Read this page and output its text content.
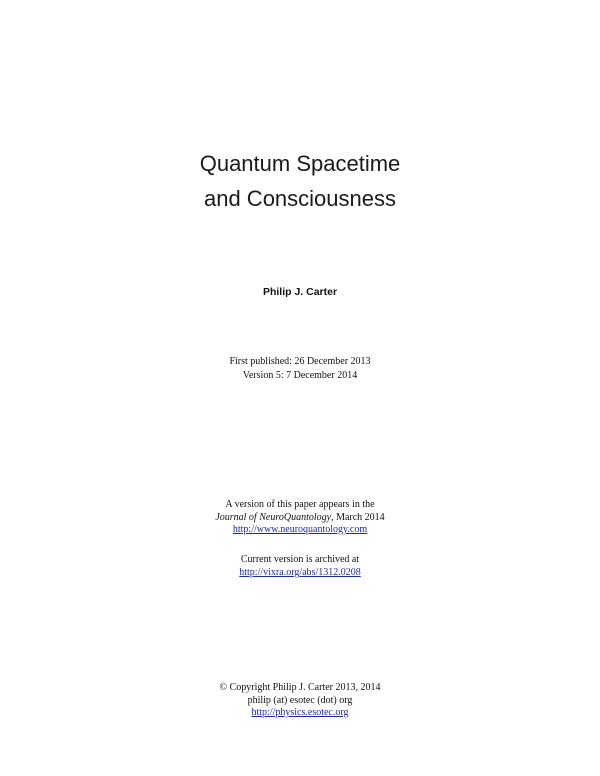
Quantum Spacetime
and Consciousness
Philip J. Carter
First published: 26 December 2013
Version 5: 7 December 2014
A version of this paper appears in the
Journal of NeuroQuantology, March 2014
http://www.neuroquantology.com
Current version is archived at
http://vixra.org/abs/1312.0208
© Copyright Philip J. Carter 2013, 2014
philip (at) esotec (dot) org
http://physics.esotec.org
